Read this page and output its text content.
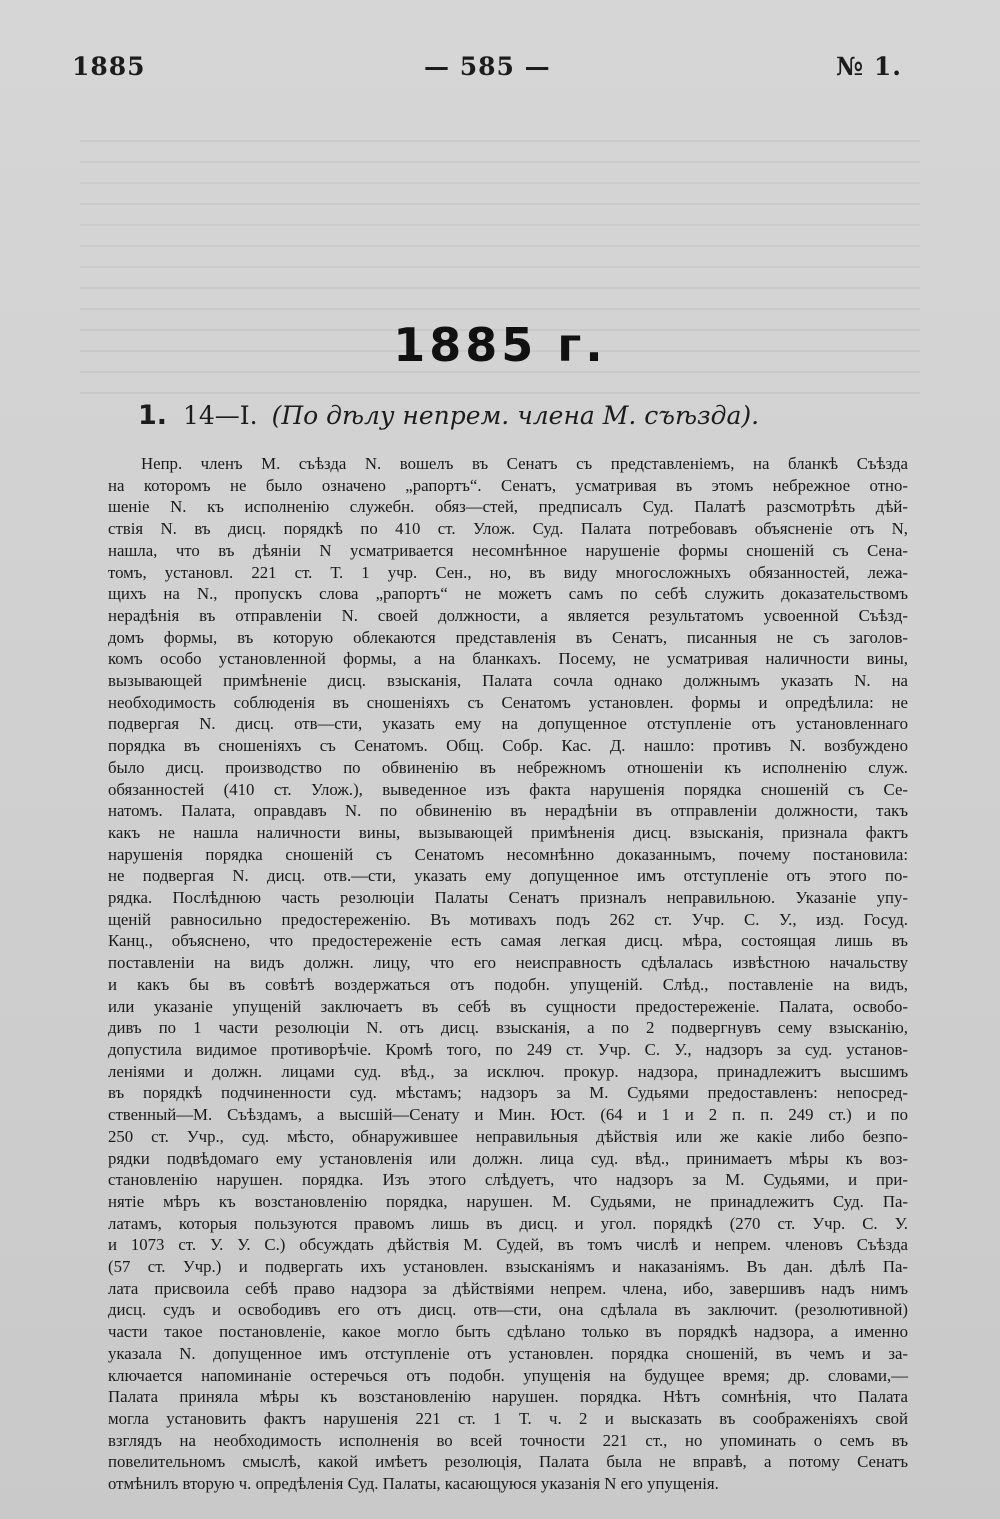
1885	— 585 —	№ 1.
1885 г.
1. 14—I. (По дѣлу непрем. члена М. съѣзда).
Непр. членъ М. съѣзда N. вошелъ въ Сенатъ съ представленіемъ, на бланкѣ Съѣзда
на которомъ не было означено „рапортъ“. Сенатъ, усматривая въ этомъ небрежное отно-
шеніе N. къ исполненію служебн. обяз—стей, предписалъ Суд. Палатѣ разсмотрѣть дѣй-
ствія N. въ дисц. порядкѣ по 410 ст. Улож. Суд. Палата потребовавъ объясненіе отъ N,
нашла, что въ дѣяніи N усматривается несомнѣнное нарушеніе формы сношеній съ Сена-
томъ, установл. 221 ст. Т. 1 учр. Сен., но, въ виду многосложныхъ обязанностей, лежа-
щихъ на N., пропускъ слова „рапортъ“ не можетъ самъ по себѣ служить доказательствомъ
нерадѣнія въ отправленіи N. своей должности, а является результатомъ усвоенной Съѣзд-
домъ формы, въ которую облекаются представленія въ Сенатъ, писанныя не съ заголов-
комъ особо установленной формы, а на бланкахъ. Посему, не усматривая наличности вины,
вызывающей примѣненіе дисц. взысканія, Палата сочла однако должнымъ указать N. на
необходимость соблюденія въ сношеніяхъ съ Сенатомъ установлен. формы и опредѣлила: не
подвергая N. дисц. отв—сти, указать ему на допущенное отступленіе отъ установленнаго
порядка въ сношеніяхъ съ Сенатомъ. Общ. Собр. Кас. Д. нашло: противъ N. возбуждено
было дисц. производство по обвиненію въ небрежномъ отношеніи къ исполненію служ.
обязанностей (410 ст. Улож.), выведенное изъ факта нарушенія порядка сношеній съ Се-
натомъ. Палата, оправдавъ N. по обвиненію въ нерадѣніи въ отправленіи должности, такъ
какъ не нашла наличности вины, вызывающей примѣненія дисц. взысканія, признала фактъ
нарушенія порядка сношеній съ Сенатомъ несомнѣнно доказаннымъ, почему постановила:
не подвергая N. дисц. отв.—сти, указать ему допущенное имъ отступленіе отъ этого по-
рядка. Послѣднюю часть резолюціи Палаты Сенатъ призналъ неправильною. Указаніе упу-
щеній равносильно предостереженію. Въ мотивахъ подъ 262 ст. Учр. С. У., изд. Госуд.
Канц., объяснено, что предостереженіе есть самая легкая дисц. мѣра, состоящая лишь въ
поставленіи на видъ должн. лицу, что его неисправность сдѣлалась извѣстною начальству
и какъ бы въ совѣтѣ воздержаться отъ подобн. упущеній. Слѣд., поставленіе на видъ,
или указаніе упущеній заключаетъ въ себѣ въ сущности предостереженіе. Палата, освобо-
дивъ по 1 части резолюціи N. отъ дисц. взысканія, а по 2 подвергнувъ сему взысканію,
допустила видимое противорѣчіе. Кромѣ того, по 249 ст. Учр. С. У., надзоръ за суд. установ-
леніями и должн. лицами суд. вѣд., за исключ. прокур. надзора, принадлежитъ высшимъ
въ порядкѣ подчиненности суд. мѣстамъ; надзоръ за М. Судьями предоставленъ: непосред-
ственный—М. Съѣздамъ, а высшій—Сенату и Мин. Юст. (64 и 1 и 2 п. п. 249 ст.) и по
250 ст. Учр., суд. мѣсто, обнаружившее неправильныя дѣйствія или же какіе либо безпо-
рядки подвѣдомаго ему установленія или должн. лица суд. вѣд., принимаетъ мѣры къ воз-
становленію нарушен. порядка. Изъ этого слѣдуетъ, что надзоръ за М. Судьями, и при-
нятіе мѣръ къ возстановленію порядка, нарушен. М. Судьями, не принадлежитъ Суд. Па-
латамъ, которыя пользуются правомъ лишь въ дисц. и угол. порядкѣ (270 ст. Учр. С. У.
и 1073 ст. У. У. С.) обсуждать дѣйствія М. Судей, въ томъ числѣ и непрем. членовъ Съѣзда
(57 ст. Учр.) и подвергать ихъ установлен. взысканіямъ и наказаніямъ. Въ дан. дѣлѣ Па-
лата присвоила себѣ право надзора за дѣйствіями непрем. члена, ибо, завершивъ надъ нимъ
дисц. судъ и освободивъ его отъ дисц. отв—сти, она сдѣлала въ заключит. (резолютивной)
части такое постановленіе, какое могло быть сдѣлано только въ порядкѣ надзора, а именно
указала N. допущенное имъ отступленіе отъ установлен. порядка сношеній, въ чемъ и за-
ключается напоминаніе остеречься отъ подобн. упущенія на будущее время; др. словами,—
Палата приняла мѣры къ возстановленію нарушен. порядка. Нѣтъ сомнѣнія, что Палата
могла установить фактъ нарушенія 221 ст. 1 Т. ч. 2 и высказать въ соображеніяхъ свой
взглядъ на необходимость исполненія во всей точности 221 ст., но упоминать о семъ въ
повелительномъ смыслѣ, какой имѣетъ резолюція, Палата была не вправѣ, а потому Сенатъ
отмѣнилъ вторую ч. опредѣленія Суд. Палаты, касающуюся указанія N его упущенія.
